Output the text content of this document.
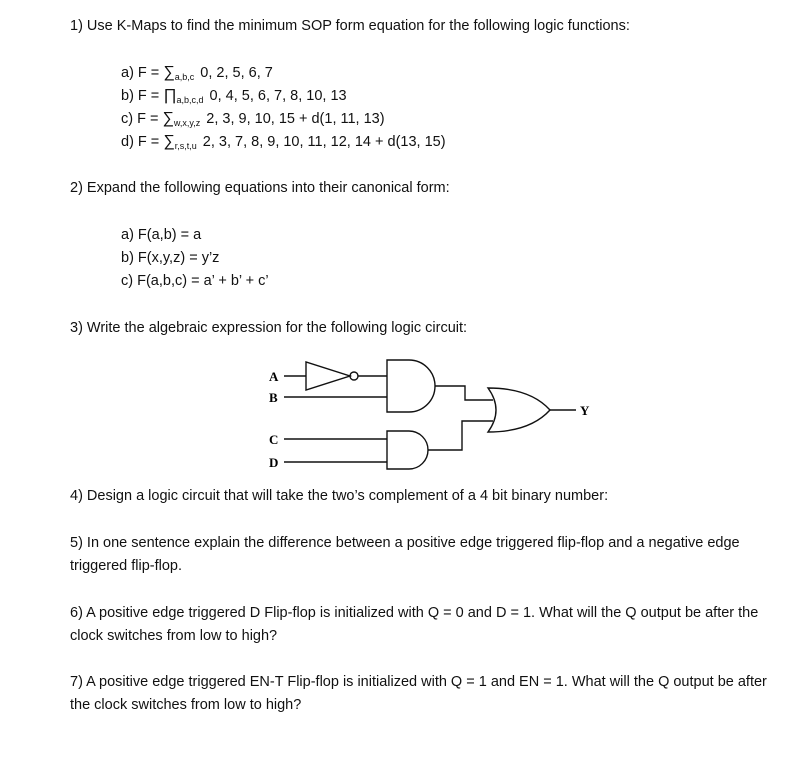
1) Use K-Maps to find the minimum SOP form equation for the following logic functions:
a) $F = \sum_{a,b,c}$ 0, 2, 5, 6, 7
b) $F = \prod_{a,b,c,d}$ 0, 4, 5, 6, 7, 8, 10, 13
c) $F = \sum_{w,x,y,z}$ 2, 3, 9, 10, 15 + d(1, 11, 13)
d) $F = \sum_{r,s,t,u}$ 2, 3, 7, 8, 9, 10, 11, 12, 14 + d(13, 15)
2) Expand the following equations into their canonical form:
a) F(a,b) = a
b) F(x,y,z) = y’z
c) F(a,b,c) = a’ + b’ + c’
3) Write the algebraic expression for the following logic circuit:
A
B
C
D
Y
4) Design a logic circuit that will take the two’s complement of a 4 bit binary number:
5) In one sentence explain the difference between a positive edge triggered flip-flop and a negative edge triggered flip-flop.
6) A positive edge triggered D Flip-flop is initialized with Q = 0 and D = 1. What will the Q output be after the clock switches from low to high?
7) A positive edge triggered EN-T Flip-flop is initialized with Q = 1 and EN = 1. What will the Q output be after the clock switches from low to high?
